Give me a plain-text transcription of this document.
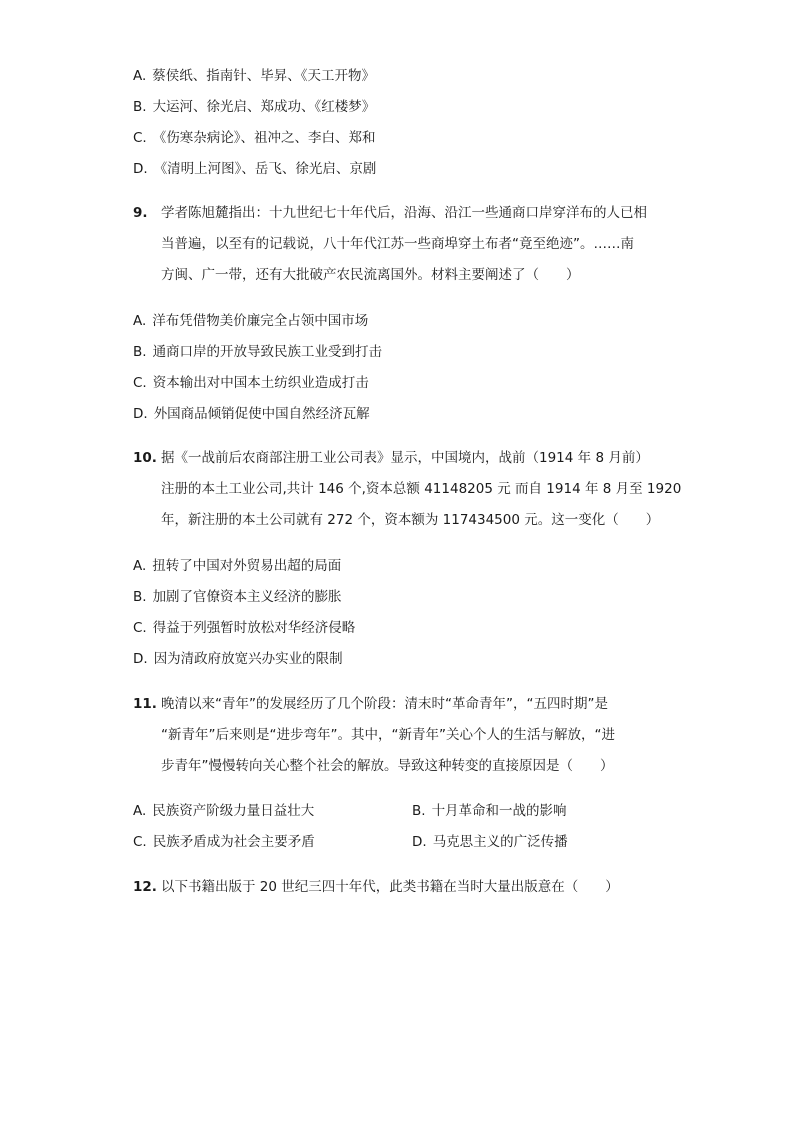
A. 蔡侯纸、指南针、毕昇、《天工开物》
B. 大运河、徐光启、郑成功、《红楼梦》
C. 《伤寒杂病论》、祖冲之、李白、郑和
D. 《清明上河图》、岳飞、徐光启、京剧
9. 学者陈旭麓指出：十九世纪七十年代后，沿海、沿江一些通商口岸穿洋布的人已相
当普遍，以至有的记载说，八十年代江苏一些商埠穿土布者“竟至绝迹”。……南
方闽、广一带，还有大批破产农民流离国外。材料主要阐述了（　　）
A. 洋布凭借物美价廉完全占领中国市场
B. 通商口岸的开放导致民族工业受到打击
C. 资本输出对中国本土纺织业造成打击
D. 外国商品倾销促使中国自然经济瓦解
10. 据《一战前后农商部注册工业公司表》显示，中国境内，战前（1914 年 8 月前）
注册的本土工业公司,共计 146 个,资本总额 41148205 元 而自 1914 年 8 月至 1920
年，新注册的本土公司就有 272 个，资本额为 117434500 元。这一变化（　　）
A. 扭转了中国对外贸易出超的局面
B. 加剧了官僚资本主义经济的膨胀
C. 得益于列强暂时放松对华经济侵略
D. 因为清政府放宽兴办实业的限制
11. 晚清以来“青年”的发展经历了几个阶段：清末时“革命青年”，“五四时期”是
“新青年”后来则是“进步弯年”。其中，“新青年”关心个人的生活与解放，“进
步青年”慢慢转向关心整个社会的解放。导致这种转变的直接原因是（　　）
A. 民族资产阶级力量日益壮大	B. 十月革命和一战的影响
C. 民族矛盾成为社会主要矛盾	D. 马克思主义的广泛传播
12. 以下书籍出版于 20 世纪三四十年代，此类书籍在当时大量出版意在（　　）
